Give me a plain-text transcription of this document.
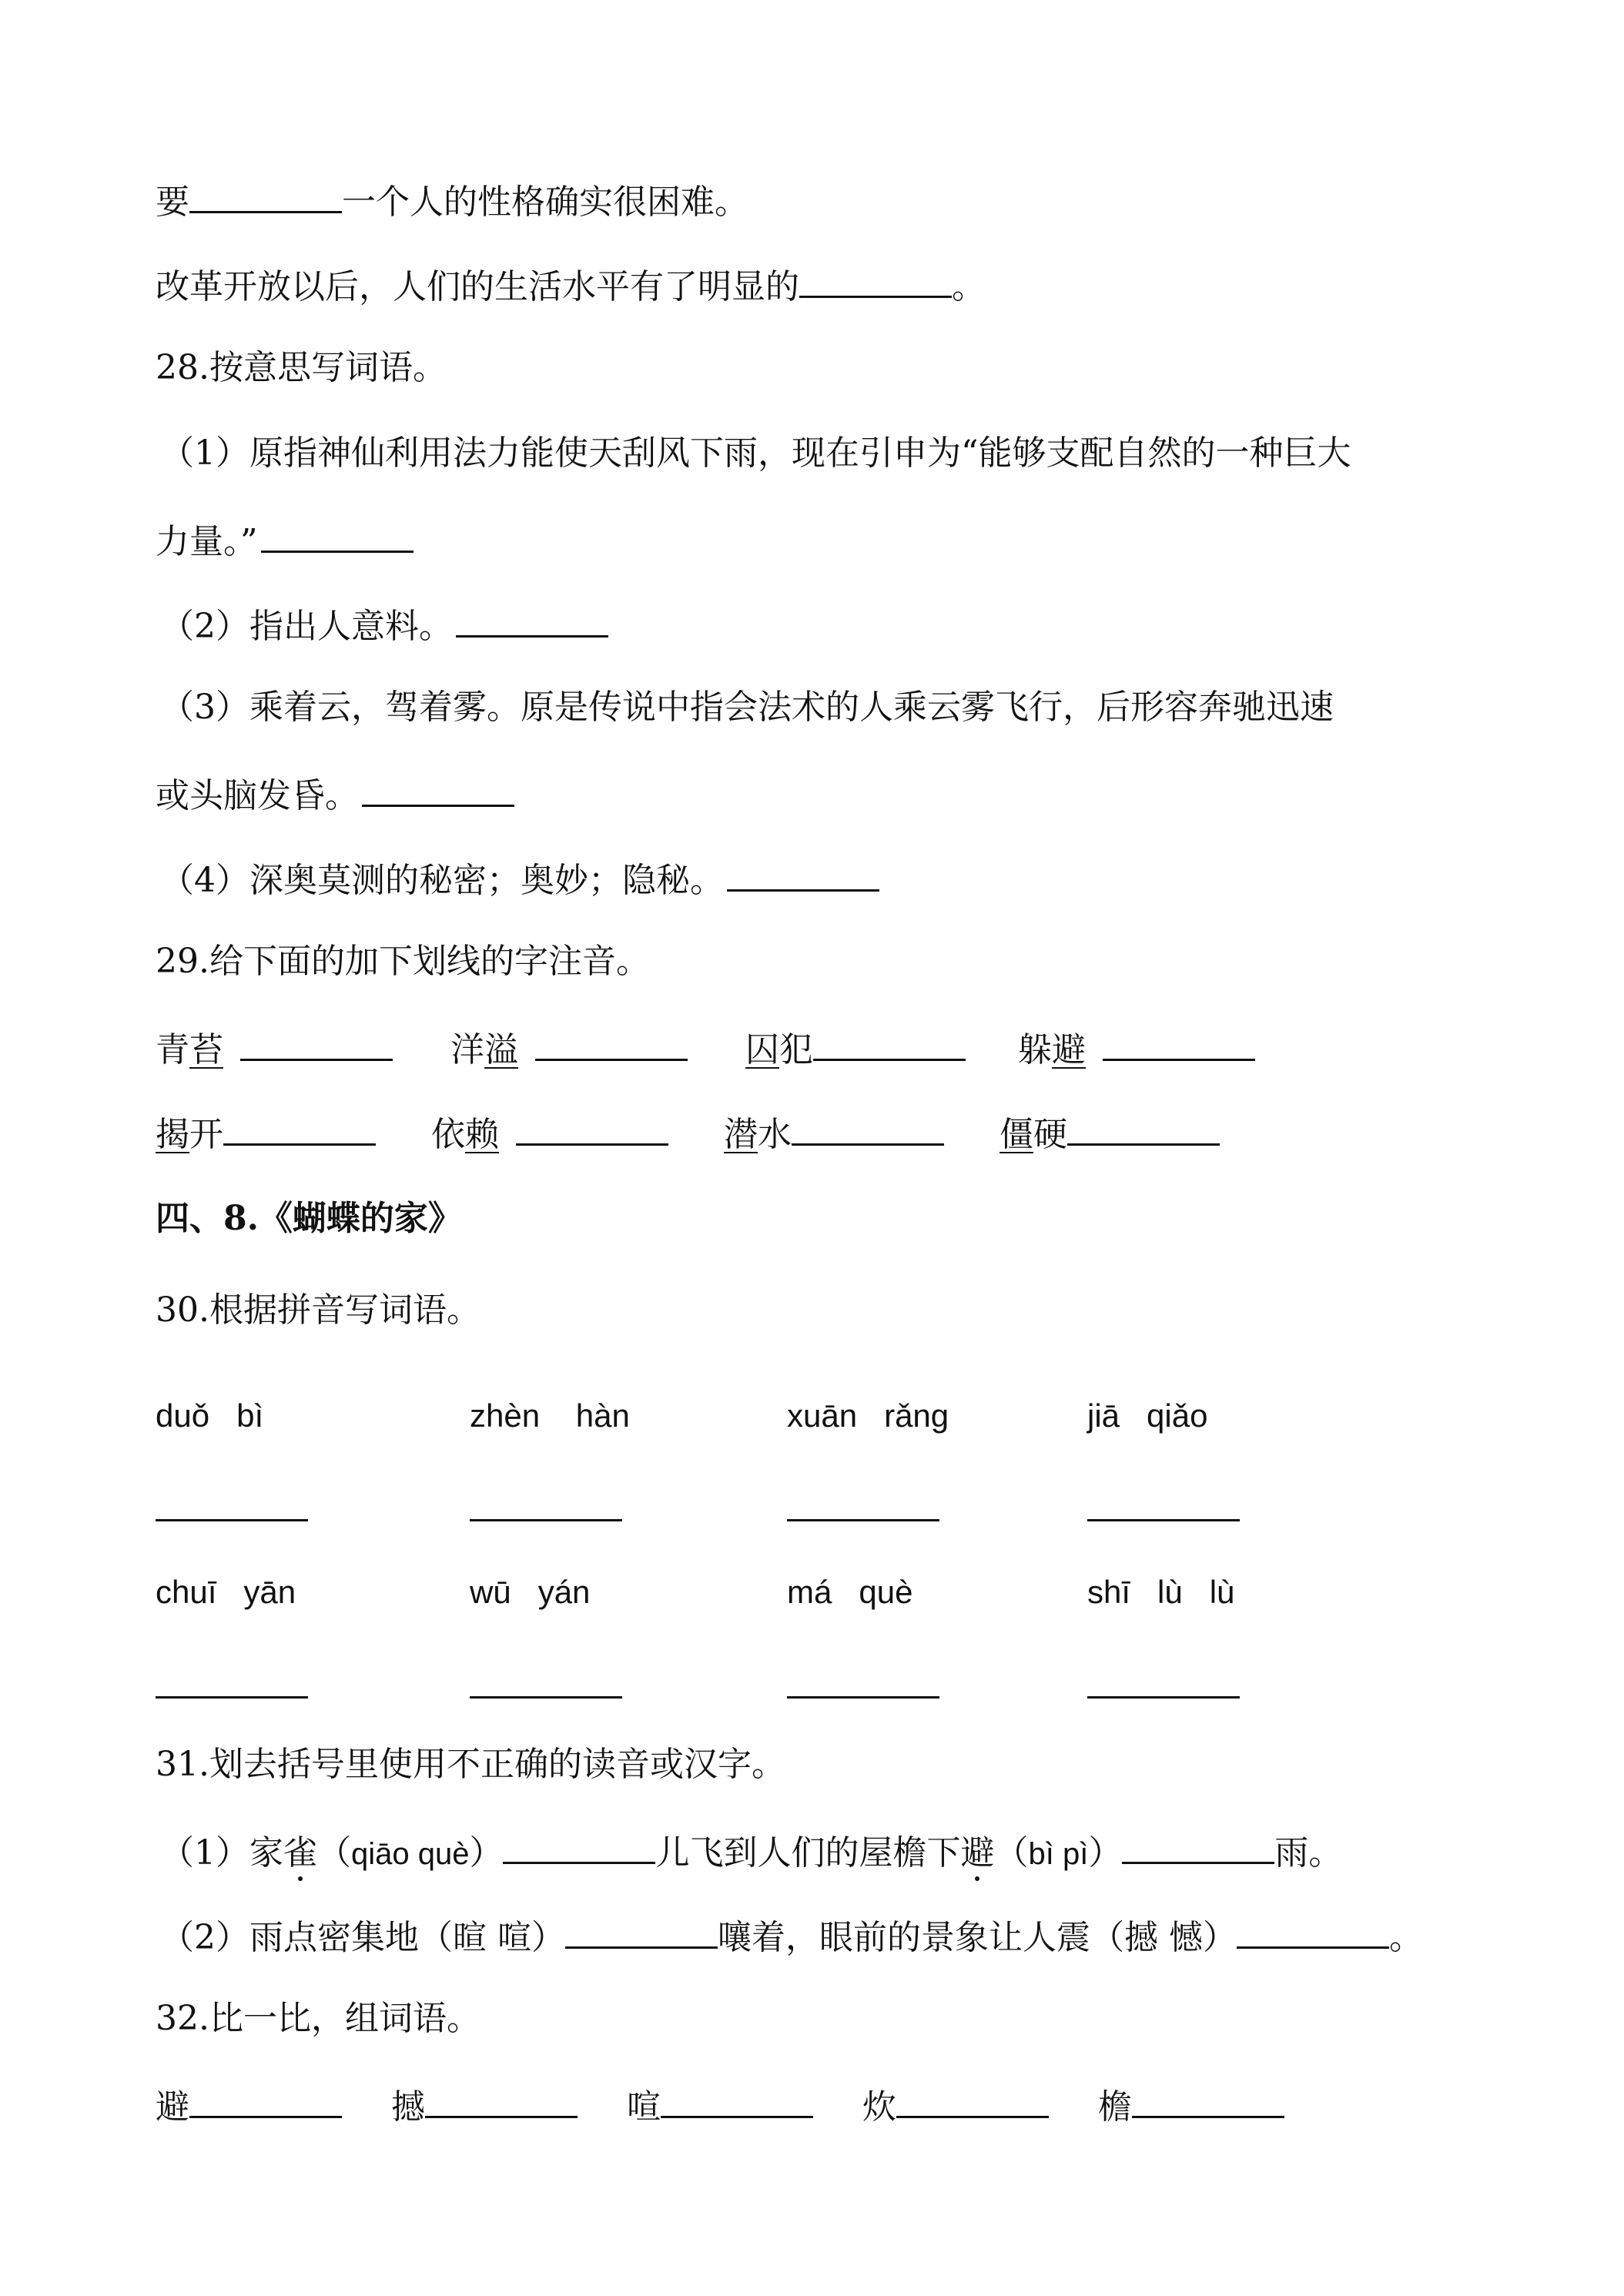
要	一个人的性格确实很困难。
改革开放以后，人们的生活水平有了明显的	。
28.按意思写词语。
（1）原指神仙利用法力能使天刮风下雨，现在引申为“能够支配自然的一种巨大
力量。”
（2）指出人意料。
（3）乘着云，驾着雾。原是传说中指会法术的人乘云雾飞行，后形容奔驰迅速
或头脑发昏。
（4）深奥莫测的秘密；奥妙；隐秘。
29.给下面的加下划线的字注音。
青苔	洋溢	囚犯	躲避
揭开	依赖	潜水	僵硬
四、8.《蝴蝶的家》
30.根据拼音写词语。
duǒ   bì	zhèn    hàn	xuān   rǎng	jiā   qiǎo
chuī   yān	wū   yán	má   què	shī   lù   lù
31.划去括号里使用不正确的读音或汉字。
（1）家雀（qiāo què）	儿飞到人们的屋檐下避（bì pì）	雨。
（2）雨点密集地（暄 喧）	嚷着，眼前的景象让人震（撼 憾）	。
32.比一比，组词语。
避	撼	喧	炊	檐
